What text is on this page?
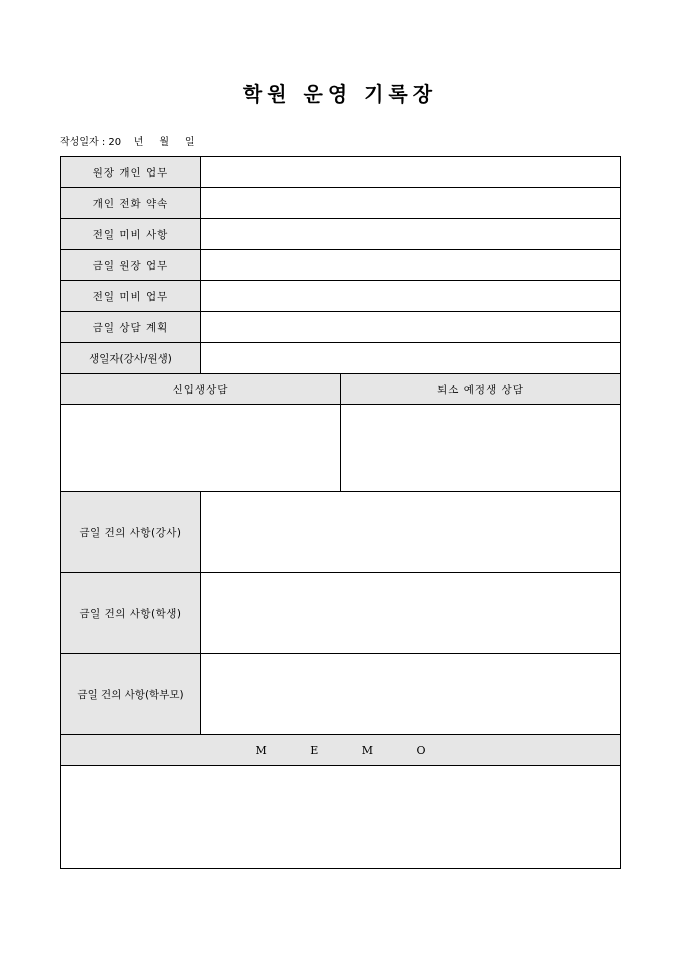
학원 운영 기록장
작성일자 : 20    년     월     일
원장 개인 업무		
개인 전화 약속		
전일 미비 사항		
금일 원장 업무		
전일 미비 업무		
금일 상담 계획		
생일자(강사/원생)		
신입생상담		퇴소 예정생 상담

금일 건의 사항(강사)		
금일 건의 사항(학생)		
금일 건의 사항(학부모)		
M E M O		
